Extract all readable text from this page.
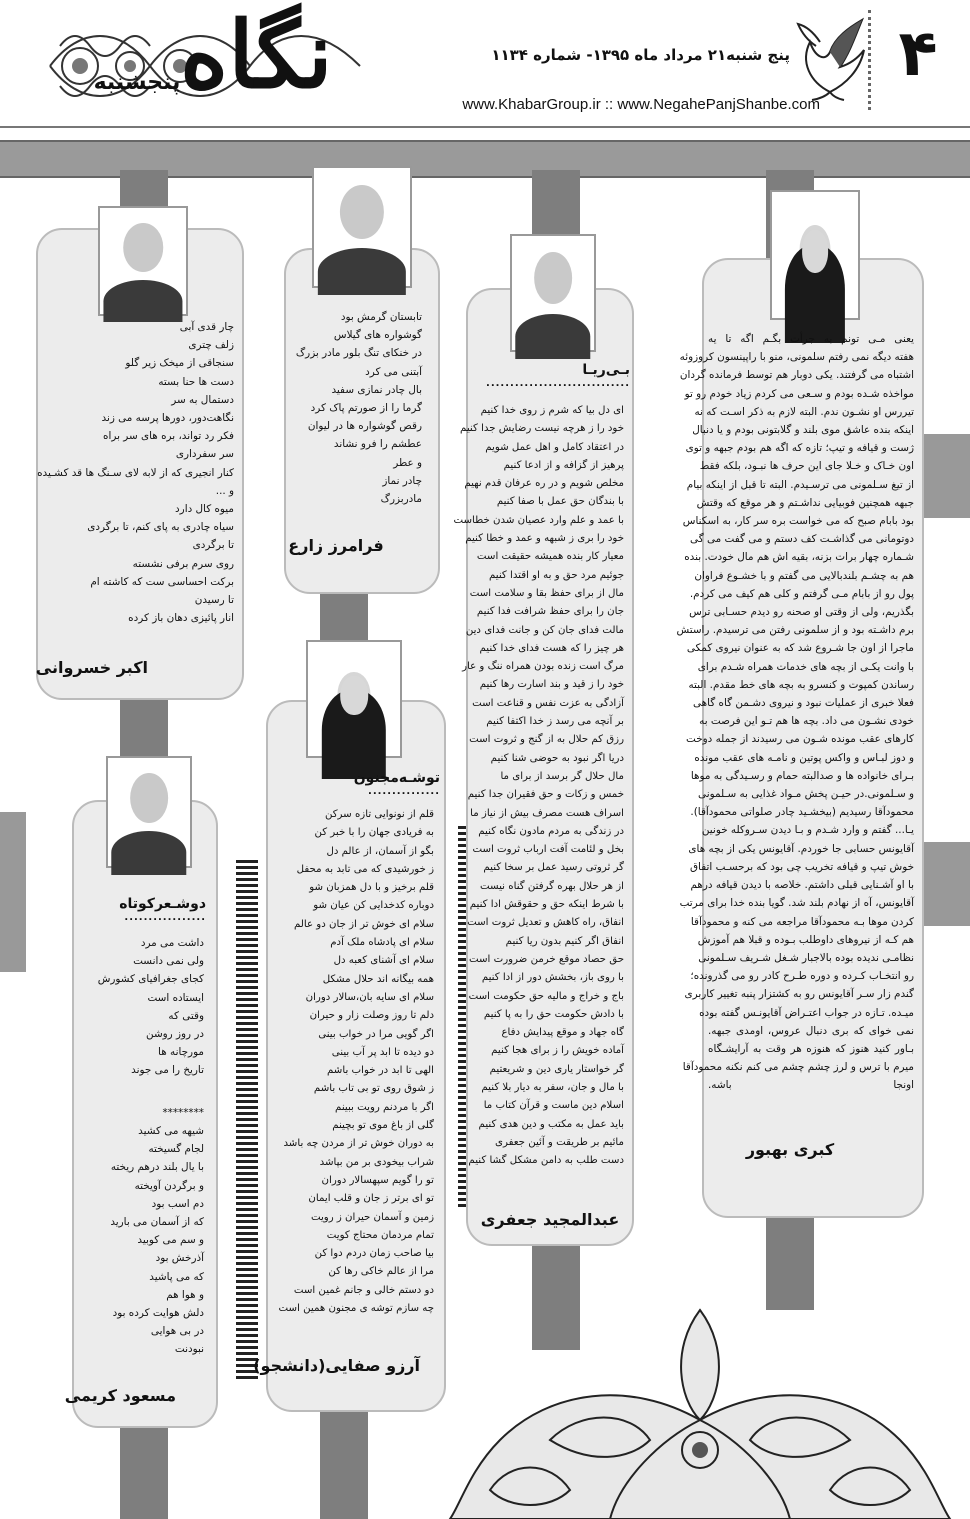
نگاه
پنجشنبه
پنج شنبه۲۱ مرداد ماه ۱۳۹۵- شماره ۱۱۳۴
www.KhabarGroup.ir :: www.NegahePanjShanbe.com
۴
یعنی مـی تونم به جرأت بگـم اگه تا یه
هفته دیگه نمی رفتم سلمونی، منو با راپینسون کروزوئه
اشتباه می گرفتند. یکی دوبار هم توسط فرمانده گردان
مواخذه شـده بودم و سـعی می کردم زیاد خودم رو تو
تیررس او نشـون ندم. البته لازم به ذکر اسـت که نه
اینکه بنده عاشق موی بلند و گلابتونی بودم و یا دنبال
ژست و قیافه و تیپ؛ تازه که اگه هم بودم جبهه و توی
اون خـاک و خـلا جای این حرف ها نبـود، بلکه فقط
از تیغ سـلمونی می ترسـیدم. البته تا قبل از اینکه بیام
جبهه همچنین فوبیایی نداشـتم و هر موقع که وقتش
بود بابام صبح که می خواست بره سر کار، به اسکناس
دوتومانی می گذاشـت کف دستم و می گفت می گی
شـماره چهار برات بزنه، بقیه اش هم مال خودت. بنده
هم به چشـم بلندبالایی می گفتم و با خشـوع فراوان
پول رو از بابام مـی گرفتم و کلی هم کیف می کردم.
بگذریم، ولی از وقتی او صحنه رو دیدم حسـابی ترس
برم داشـته بود و از سلمونی رفتن می ترسیدم. راستش
ماجرا از اون جا شـروع شد که به عنوان نیروی کمکی
با وانت یکـی از بچه های خدمات همراه شـدم برای
رساندن کمپوت و کنسرو به بچه های خط مقدم. البته
فعلا خبری از عملیات نبود و نیروی دشـمن گاه گاهی
خودی نشـون می داد. بچه ها هم تـو این فرصت به
کارهای عقب مونده شـون می رسیدند از جمله دوخت
و دوز لبـاس و واکس پوتین و نامـه های عقب مونده
بـرای خانواده ها و صدالبته حمام و رسـیدگی به موها
و سـلمونی.در حیـن پخش مـواد غذایی به سـلمونی
محمودآقا رسیدیم (بیخشـید چادر صلواتی محمودآقا).
یـا... گفتم و وارد شـدم و بـا دیدن سـروکله خونین
آقایونس حسابی جا خوردم. آقایونس یکی از بچه های
خوش تیپ و قیافه تخریب چی بود که برحسـب اتفاق
با او آشـنایی قبلی داشتم. خلاصه با دیدن قیافه درهم
آقایونس، آه از نهادم بلند شد. گویا بنده خدا برای مرتب
کردن موها بـه محمودآقا مراجعه می کنه و محمودآقا
هم کـه از نیروهای داوطلب بـوده و قبلا هم آموزش
نظامـی ندیده بوده بالاجبار شـغل شـریف سـلمونی
رو انتخـاب کـرده و دوره طـرح کادر رو می گذرونده؛
گندم زار سـر آقایونس رو به کشتزار پنبه تغییر کاربری
میـده. تـازه در جواب اعتـراض آقایونـس گفته بوده
نمی خوای که بری دنبال عروس، اومدی جبهه.
بـاور کنید هنوز که هنوزه هر وقت به آرایشـگاه
میرم با ترس و لرز چشم چشم می کنم نکنه محمودآقا
اونجا باشه.
کبری بهبور
بـی‌ریـا
..............................
ای دل بیا که شرم ز روی خدا کنیم
خود را ز هرچه نیست رضایش جدا کنیم
در اعتقاد کامل و اهل عمل شویم
پرهیز از گزافه و از ادعا کنیم
مخلص شویم و در ره عرفان قدم نهیم
با بندگان حق عمل با صفا کنیم
با عمد و علم وارد عصیان شدن خطاست
خود را بری ز شبهه و عمد و خطا کنیم
معیار کار بنده همیشه حقیقت است
جوئیم مرد حق و به او اقتدا کنیم
مال از برای حفظ بقا و سلامت است
جان را برای حفظ شرافت فدا کنیم
مالت فدای جان کن و جانت فدای دین
هر چیز را که هست فدای خدا کنیم
مرگ است زنده بودن همراه ننگ و عار
خود را ز قید و بند اسارت رها کنیم
آزادگی به عزت نفس و قناعت است
بر آنچه می رسد ز خدا اکتفا کنیم
رزق کم حلال به از گنج و ثروت است
دریا اگر نبود به حوضی شنا کنیم
مال حلال گر برسد از برای ما
خمس و زکات و حق فقیران جدا کنیم
اسراف هست مصرف بیش از نیاز ما
در زندگی به مردم مادون نگاه کنیم
بخل و لئامت آفت ارباب ثروت است
گر ثروتی رسید عمل بر سخا کنیم
از هر حلال بهره گرفتن گناه نیست
با شرط اینکه حق و حقوقش ادا کنیم
انفاق، راه کاهش و تعدیل ثروت است
انفاق اگر کنیم بدون ریا کنیم
حق حصاد موقع خرمن ضرورت است
با روی باز، بخشش دور از ادا کنیم
باج و خراج و مالیه حق حکومت است
با دادش حکومت حق را به پا کنیم
گاه جهاد و موقع پیدایش دفاع
آماده خویش را ز برای هجا کنیم
گر خواستار یاری دین و شریعتیم
با مال و جان، سفر به دیار بلا کنیم
اسلام دین ماست و قرآن کتاب ما
باید عمل به مکتب و دین هدی کنیم
مائیم بر طریقت و آئین جعفری
دست طلب به دامن مشکل گشا کنیم
عبدالمجید جعفری
تابستان گرمش بود
گوشواره های گیلاس
در خنکای تنگ بلور مادر بزرگ
آبتنی می کرد
بال چادر نمازی سفید
گرما را از صورتم پاک کرد
رقص گوشواره ها در لیوان
عطشم را فرو نشاند
و عطر
چادر نماز
مادربزرگ
فرامرز زارع
چار قدی آبی
زلف چتری
سنجاقی از میخک زیر گلو
دست ها حنا بسته
دستمال به سر
نگاهت‌دور، دورها پرسه می زند
فکر رد تواند، بره های سر براه
سر سفرداری
کنار انجیری که از لابه لای سـنگ ها قد کشـیده
و ...
میوه کال دارد
سیاه چادری به پای کنم، تا برگردی
تا برگردی
روی سرم برفی نشسته
برکت احساسی ست که کاشته ام
تا رسیدن
انار پائیزی دهان باز کرده
اکبر خسروانی
توشـه‌مجنون
...............
قلم از نونوایی تازه سرکن
به فریادی جهان را با خبر کن
بگو از آسمان، از عالم دل
ز خورشیدی که می تابد به محفل
قلم برخیز و با دل همزبان شو
دوباره کدخدایی کن عیان شو
سلام ای خوش تر از جان دو عالم
سلام ای پادشاه ملک آدم
سلام ای آشنای کعبه دل
همه بیگانه اند حلال مشکل
سلام ای سایه بان،سالار دوران
دلم تا روز وصلت زار و حیران
اگر گویی مرا در خواب بینی
دو دیده تا ابد پر آب بینی
الهی تا ابد در خواب باشم
ز شوق روی تو بی تاب باشم
اگر با مردنم رویت ببینم
گلی از باغ موی تو بچینم
به دوران خوش تر از مردن چه باشد
شراب بیخودی بر من بپاشد
تو را گویم سپهسالار دوران
تو ای برتر ز جان و قلب ایمان
زمین و آسمان حیران ز رویت
تمام مردمان محتاج کویت
بیا صاحب زمان دردم دوا کن
مرا از عالم خاکی رها کن
دو دستم خالی و جانم غمین است
چه سازم توشه ی مجنون همین است
آرزو صفایی(دانشجو)
دوشـعرکوتاه
.................
داشت می مرد
ولی نمی دانست
کجای جغرافیای کشورش
ایستاده است
وقتی که
در روز روشن
مورچانه ها
تاریخ را می جوند
********
شیهه می کشید
لجام گسیخته
با یال بلند درهم ریخته
و برگردن آویخته
دم اسب بود
که از آسمان می بارید
و سم می کوبید
آذرخش بود
که می پاشید
و هوا هم
دلش هوایت کرده بود
در بی هوایی
نبودنت
مسعود کریمی
